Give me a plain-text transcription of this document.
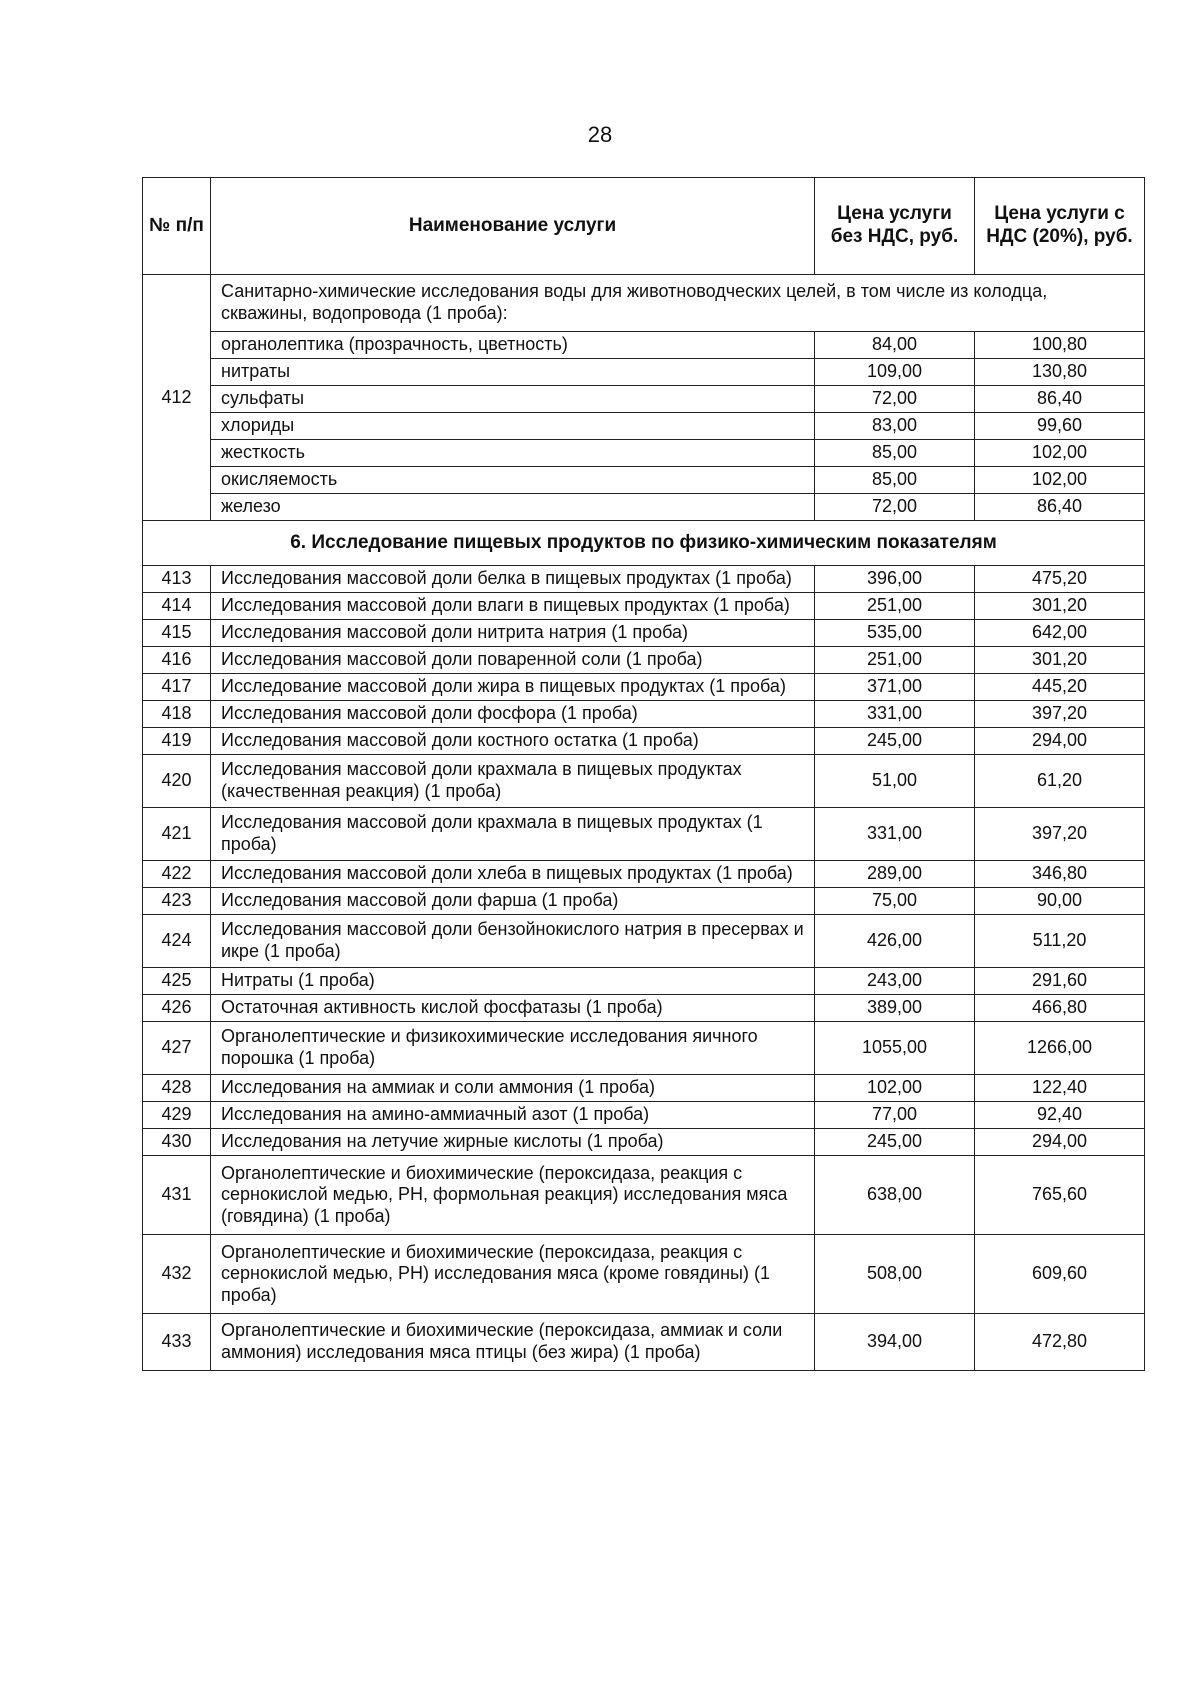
28
№ п/п	Наименование услуги	Цена услуги без НДС, руб.	Цена услуги с НДС (20%), руб.
412	Санитарно-химические исследования воды для животноводческих целей, в том числе из колодца, скважины, водопровода (1 проба):		
	органолептика (прозрачность, цветность)	84,00	100,80
	нитраты	109,00	130,80
	сульфаты	72,00	86,40
	хлориды	83,00	99,60
	жесткость	85,00	102,00
	окисляемость	85,00	102,00
	железо	72,00	86,40
6. Исследование пищевых продуктов по физико-химическим показателям			
413	Исследования массовой доли белка в пищевых продуктах (1 проба)	396,00	475,20
414	Исследования массовой доли влаги в пищевых продуктах (1 проба)	251,00	301,20
415	Исследования массовой доли нитрита натрия (1 проба)	535,00	642,00
416	Исследования массовой доли поваренной соли (1 проба)	251,00	301,20
417	Исследование массовой доли жира в пищевых продуктах (1 проба)	371,00	445,20
418	Исследования массовой доли фосфора (1 проба)	331,00	397,20
419	Исследования массовой доли костного остатка (1 проба)	245,00	294,00
420	Исследования массовой доли крахмала в пищевых продуктах (качественная реакция) (1 проба)	51,00	61,20
421	Исследования массовой доли крахмала в пищевых продуктах (1 проба)	331,00	397,20
422	Исследования массовой доли хлеба в пищевых продуктах (1 проба)	289,00	346,80
423	Исследования массовой доли фарша (1 проба)	75,00	90,00
424	Исследования массовой доли бензойнокислого натрия в пресервах и икре (1 проба)	426,00	511,20
425	Нитраты (1 проба)	243,00	291,60
426	Остаточная активность кислой фосфатазы (1 проба)	389,00	466,80
427	Органолептические и физикохимические исследования яичного порошка (1 проба)	1055,00	1266,00
428	Исследования на аммиак и соли аммония (1 проба)	102,00	122,40
429	Исследования на амино-аммиачный азот (1 проба)	77,00	92,40
430	Исследования на летучие жирные кислоты (1 проба)	245,00	294,00
431	Органолептические и биохимические (пероксидаза, реакция с сернокислой медью, РН, формольная реакция) исследования мяса (говядина) (1 проба)	638,00	765,60
432	Органолептические и биохимические (пероксидаза, реакция с сернокислой медью, РН) исследования мяса (кроме говядины) (1 проба)	508,00	609,60
433	Органолептические и биохимические (пероксидаза, аммиак и соли аммония) исследования мяса птицы (без жира) (1 проба)	394,00	472,80
